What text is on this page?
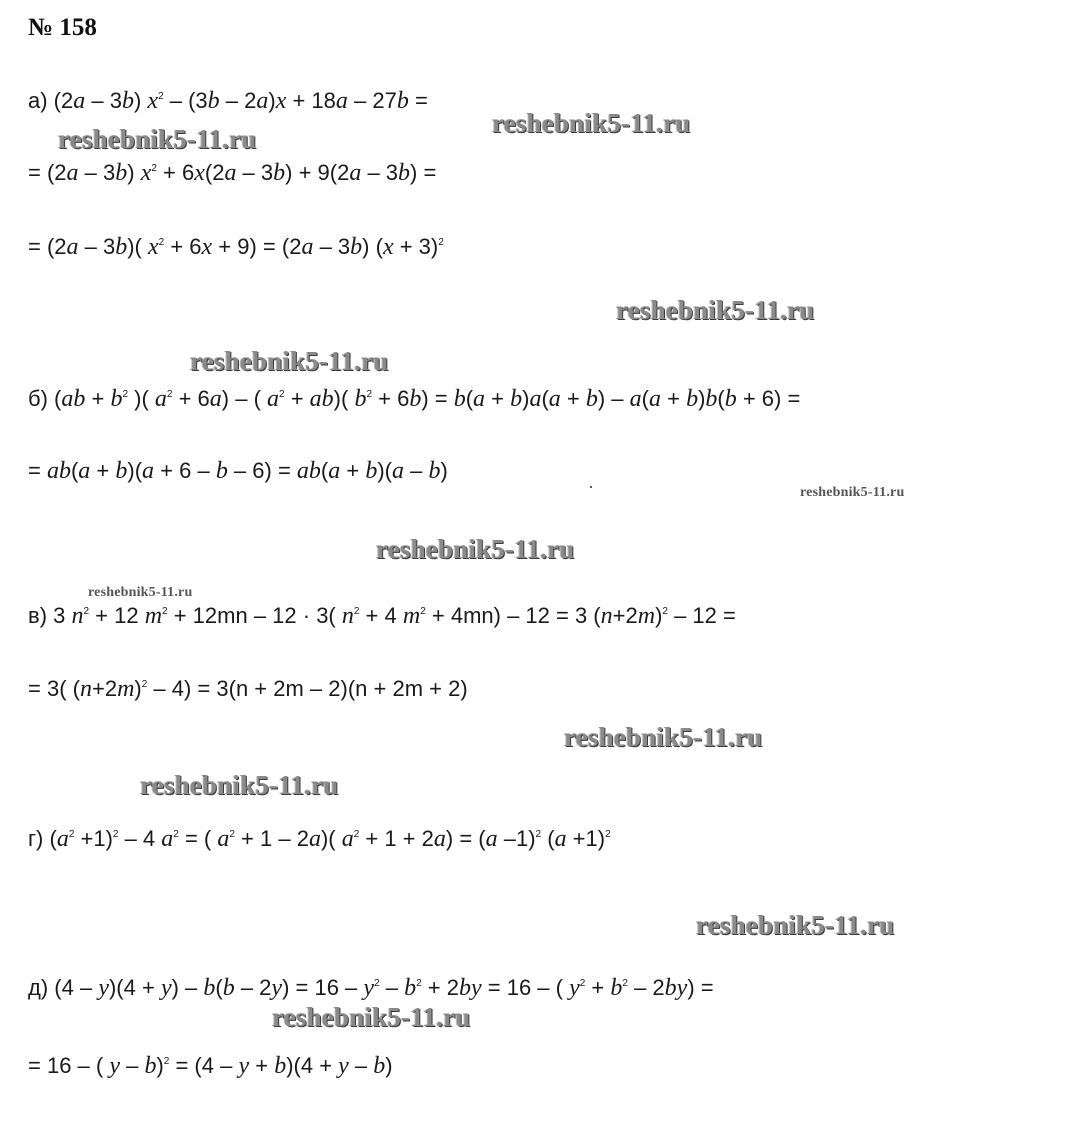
№ 158
а) (2a – 3b) $x^2 - (3b - 2a)x + 18a - 27b$ =
= (2a – 3b) $x^2 + 6x(2a - 3b) + 9(2a - 3b)$ =
= (2a – 3b)( $x^2 + 6x + 9) = (2a - 3b)$ $(x + 3)^2$
б) ($ab + b^2$ )( $a^2 + 6a$) – ( $a^2 + ab$)( $b^2 + 6b) = b(a + b)a(a + b) - a(a + b)b(b + 6)$ =
= ab(a + b)(a + 6 – b – 6) = ab(a + b)(a – b)
в) 3 $n^2 + 12$ $m^2 + 12mn - 12 \cdot 3$( $n^2 + 4$ $m^2 + 4mn) - 12 = 3$ $(n+2m)^2 - 12$ =
= 3( $(n+2m)^2 - 4) = 3(n + 2m - 2)(n + 2m + 2)$
г) $(a^2 +1)^2 - 4$ $a^2$ = ( $a^2 + 1 - 2a$)( $a^2 + 1 + 2a) = (a$ –1)$^2$ $(a +1)^2$
д) $(4 - y)(4 + y) - b(b - 2y) = 16 - y^2 - b^2 + 2by = 16$ – ( $y^2 + b^2 - 2by$) =
= 16 – ( y – b)$^2$ = (4 – y + b)(4 + y – b)
reshebnik5-11.ru
reshebnik5-11.ru
reshebnik5-11.ru
reshebnik5-11.ru
reshebnik5-11.ru
reshebnik5-11.ru
reshebnik5-11.ru
reshebnik5-11.ru
reshebnik5-11.ru
reshebnik5-11.ru
reshebnik5-11.ru
